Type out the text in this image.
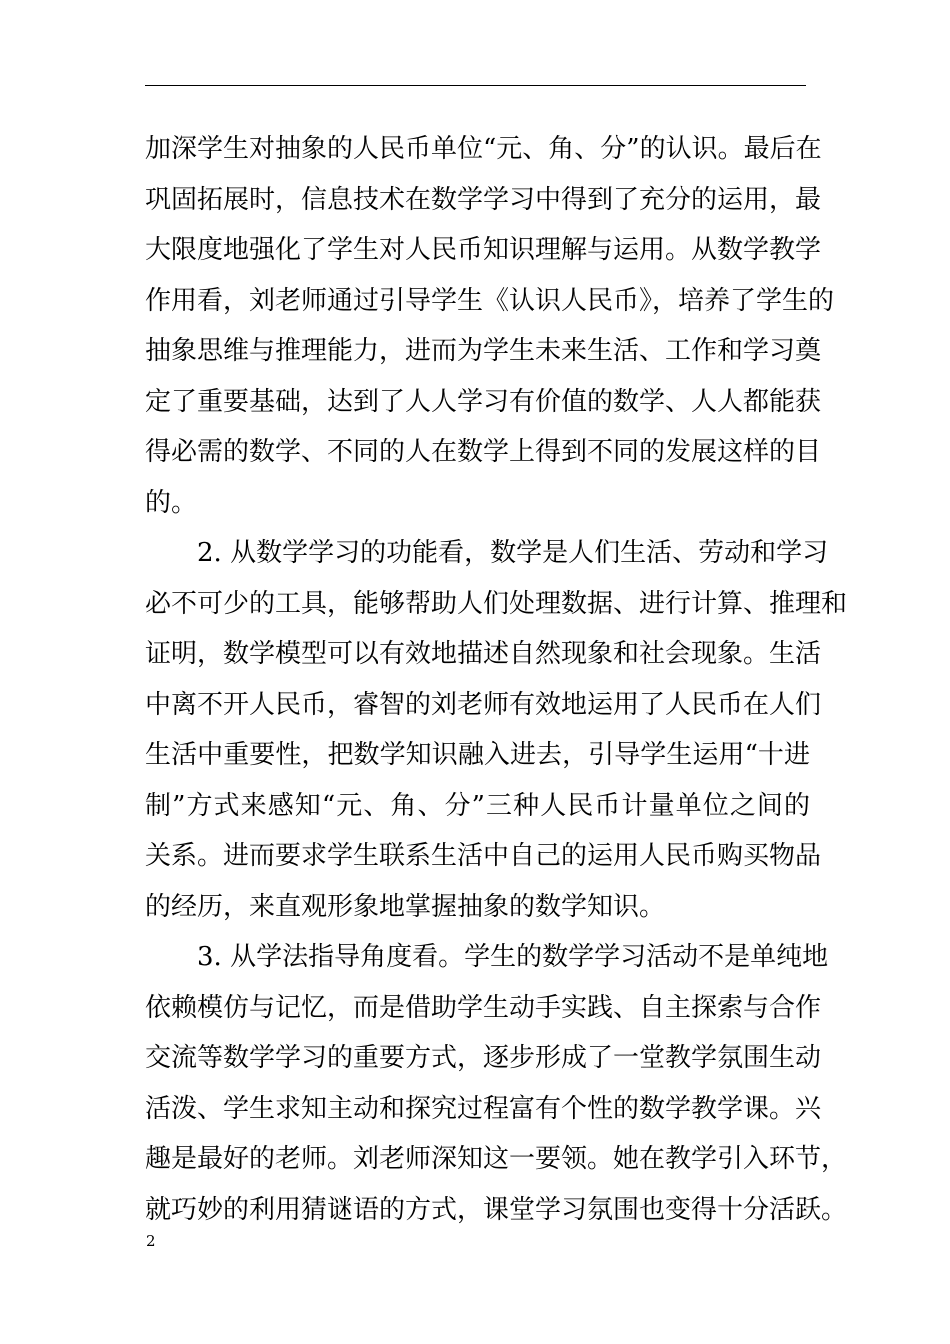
加深学生对抽象的人民币单位“元、角、分”的认识。最后在
巩固拓展时，信息技术在数学学习中得到了充分的运用，最
大限度地强化了学生对人民币知识理解与运用。从数学教学
作用看，刘老师通过引导学生《认识人民币》，培养了学生的
抽象思维与推理能力，进而为学生未来生活、工作和学习奠
定了重要基础，达到了人人学习有价值的数学、人人都能获
得必需的数学、不同的人在数学上得到不同的发展这样的目
的。
2. 从数学学习的功能看，数学是人们生活、劳动和学习
必不可少的工具，能够帮助人们处理数据、进行计算、推理和
证明，数学模型可以有效地描述自然现象和社会现象。生活
中离不开人民币，睿智的刘老师有效地运用了人民币在人们
生活中重要性，把数学知识融入进去，引导学生运用“十进
制”方式来感知“元、角、分”三种人民币计量单位之间的
关系。进而要求学生联系生活中自己的运用人民币购买物品
的经历，来直观形象地掌握抽象的数学知识。
3. 从学法指导角度看。学生的数学学习活动不是单纯地
依赖模仿与记忆，而是借助学生动手实践、自主探索与合作
交流等数学学习的重要方式，逐步形成了一堂教学氛围生动
活泼、学生求知主动和探究过程富有个性的数学教学课。兴
趣是最好的老师。刘老师深知这一要领。她在教学引入环节，
就巧妙的利用猜谜语的方式，课堂学习氛围也变得十分活跃。
2
